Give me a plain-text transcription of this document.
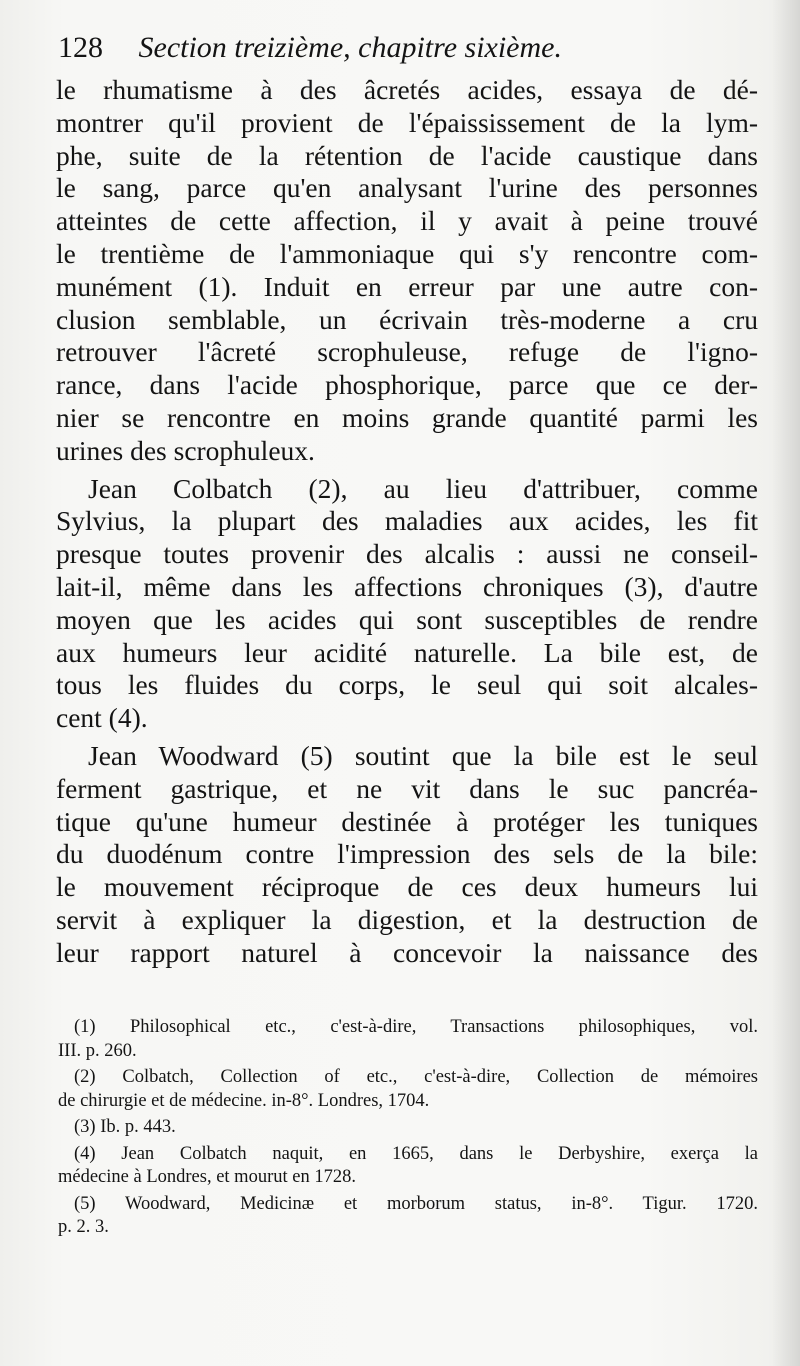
128 Section treizième, chapitre sixième.
le rhumatisme à des âcretés acides, essaya de dé-
montrer qu'il provient de l'épaississement de la lym-
phe, suite de la rétention de l'acide caustique dans
le sang, parce qu'en analysant l'urine des personnes
atteintes de cette affection, il y avait à peine trouvé
le trentième de l'ammoniaque qui s'y rencontre com-
munément (1). Induit en erreur par une autre con-
clusion semblable, un écrivain très-moderne a cru
retrouver l'âcreté scrophuleuse, refuge de l'igno-
rance, dans l'acide phosphorique, parce que ce der-
nier se rencontre en moins grande quantité parmi les
urines des scrophuleux.
Jean Colbatch (2), au lieu d'attribuer, comme
Sylvius, la plupart des maladies aux acides, les fit
presque toutes provenir des alcalis : aussi ne conseil-
lait-il, même dans les affections chroniques (3), d'autre
moyen que les acides qui sont susceptibles de rendre
aux humeurs leur acidité naturelle. La bile est, de
tous les fluides du corps, le seul qui soit alcales-
cent (4).
Jean Woodward (5) soutint que la bile est le seul
ferment gastrique, et ne vit dans le suc pancréa-
tique qu'une humeur destinée à protéger les tuniques
du duodénum contre l'impression des sels de la bile:
le mouvement réciproque de ces deux humeurs lui
servit à expliquer la digestion, et la destruction de
leur rapport naturel à concevoir la naissance des
(1) Philosophical etc., c'est-à-dire, Transactions philosophiques, vol.
III. p. 260.
(2) Colbatch, Collection of etc., c'est-à-dire, Collection de mémoires
de chirurgie et de médecine. in-8°. Londres, 1704.
(3) Ib. p. 443.
(4) Jean Colbatch naquit, en 1665, dans le Derbyshire, exerça la
médecine à Londres, et mourut en 1728.
(5) Woodward, Medicinæ et morborum status, in-8°. Tigur. 1720.
p. 2. 3.
